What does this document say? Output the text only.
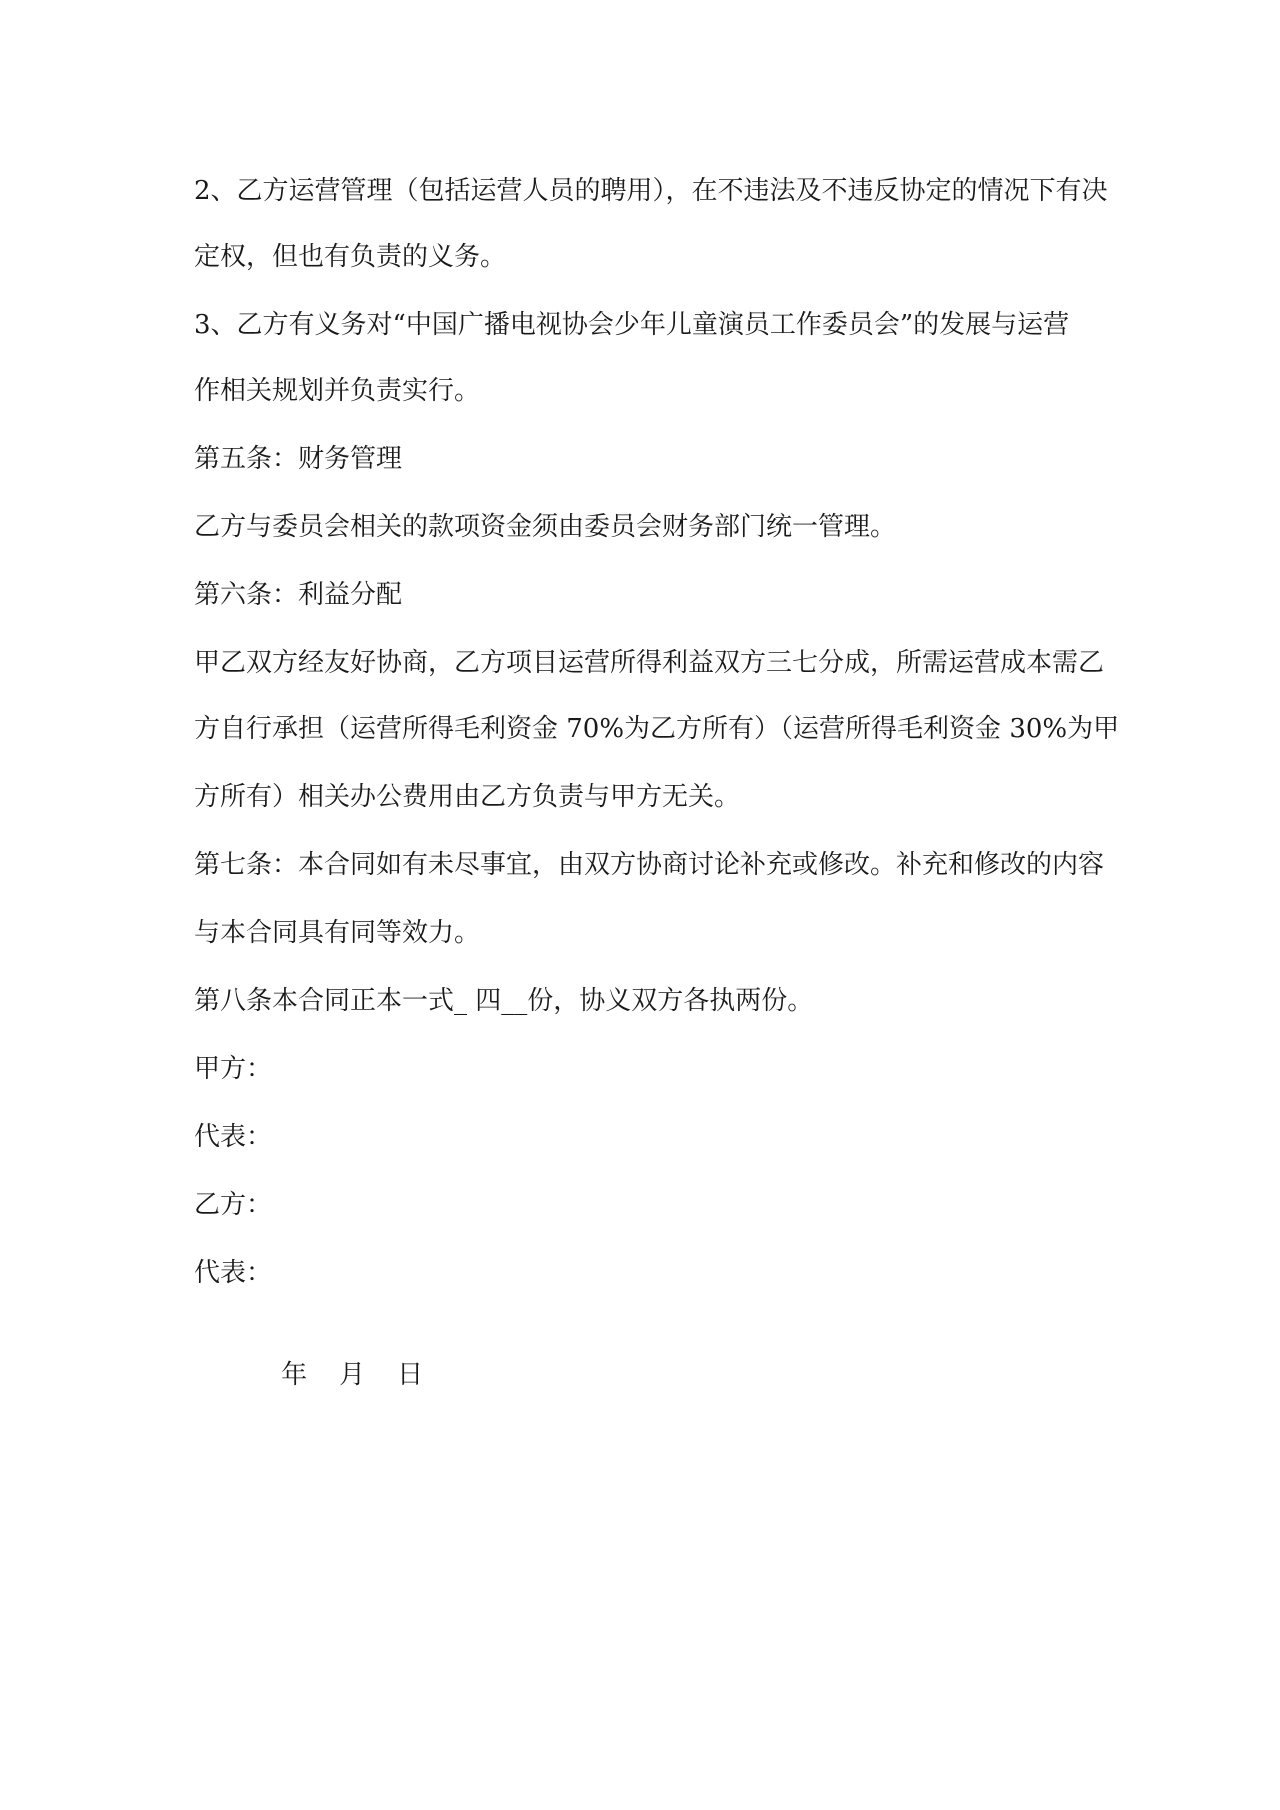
2、乙方运营管理（包括运营人员的聘用），在不违法及不违反协定的情况下有决
定权，但也有负责的义务。
3、乙方有义务对“中国广播电视协会少年儿童演员工作委员会”的发展与运营
作相关规划并负责实行。
第五条：财务管理
乙方与委员会相关的款项资金须由委员会财务部门统一管理。
第六条：利益分配
甲乙双方经友好协商，乙方项目运营所得利益双方三七分成，所需运营成本需乙
方自行承担（运营所得毛利资金 70%为乙方所有）（运营所得毛利资金 30%为甲
方所有）相关办公费用由乙方负责与甲方无关。
第七条：本合同如有未尽事宜，由双方协商讨论补充或修改。补充和修改的内容
与本合同具有同等效力。
第八条本合同正本一式_ 四__份，协义双方各执两份。
甲方：
代表：
乙方：
代表：

年 月 日
